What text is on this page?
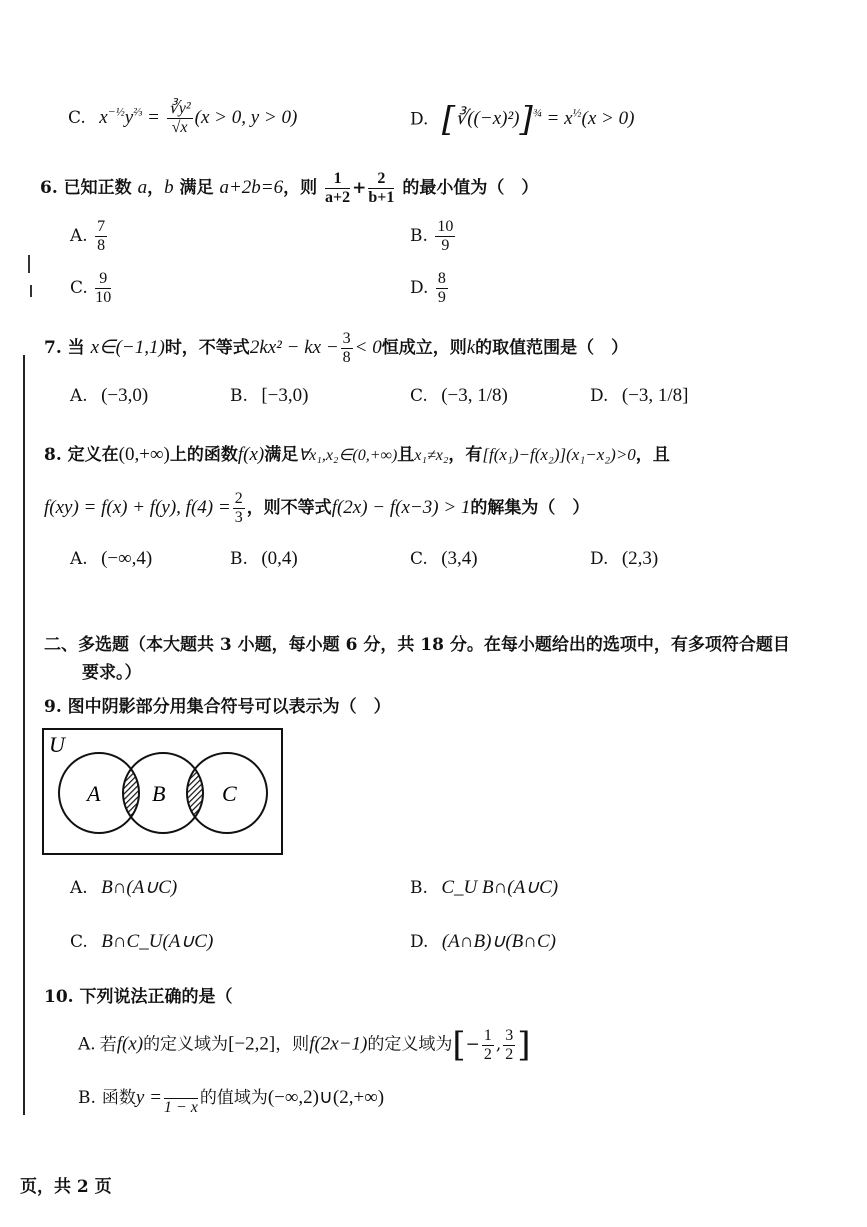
C. $x^{-\frac{1}{2}}y^{\frac{2}{3}} = \frac{\text{∛y²}}{√x} (x > 0$, y > 0)	D. [∛((−x)²)]$^{\frac{3}{4}}$ = $x^{\frac{1}{2}}(x > 0)$
6. 已知正数 a，b 满足 a+2b=6，则 $\frac{1}{a+2} + \frac{2}{b+1}$ 的最小值为（　）
A. $\frac{7}{8}$	B. $\frac{10}{9}$
C. $\frac{9}{10}$	D. $\frac{8}{9}$
7. 当 x∈(−1,1)时，不等式2kx² − kx − $\frac{3}{8} < 0$恒成立，则k的取值范围是（　）
A. (−3,0)	B. [−3,0)	C. (−3, 1/8)	D. (−3, 1/8]
8. 定义在(0,+∞)上的函数f(x)满足∀x₁,x₂∈(0,+∞)且x₁≠x₂，有[f(x₁)−f(x₂)](x₁−x₂)>0，且
f(xy) = f(x) + f(y), $f(4) = \frac{2}{3}$ ，则不等式f(2x) − f(x−3) > 1的解集为（　）
A. (−∞,4)	B. (0,4)	C. (3,4)	D. (2,3)
二、多选题（本大题共 3 小题，每小题 6 分，共 18 分。在每小题给出的选项中，有多项符合题目
要求。）
9. 图中阴影部分用集合符号可以表示为（　）
U
A B	C
A. B∩(A∪C)	B. C_U B∩(A∪C)
C. B∩C_U(A∪C)	D. (A∩B)∪(B∩C)
10. 下列说法正确的是（
A. 若f(x)的定义域为[−2,2]，则f(2x−1)的定义域为[− $\frac{1}{2}$ , $\frac{3}{2}$ ]
B. 函数y =
1 − x 的值域为(−∞,2)∪(2,+∞)
页，共 2 页
